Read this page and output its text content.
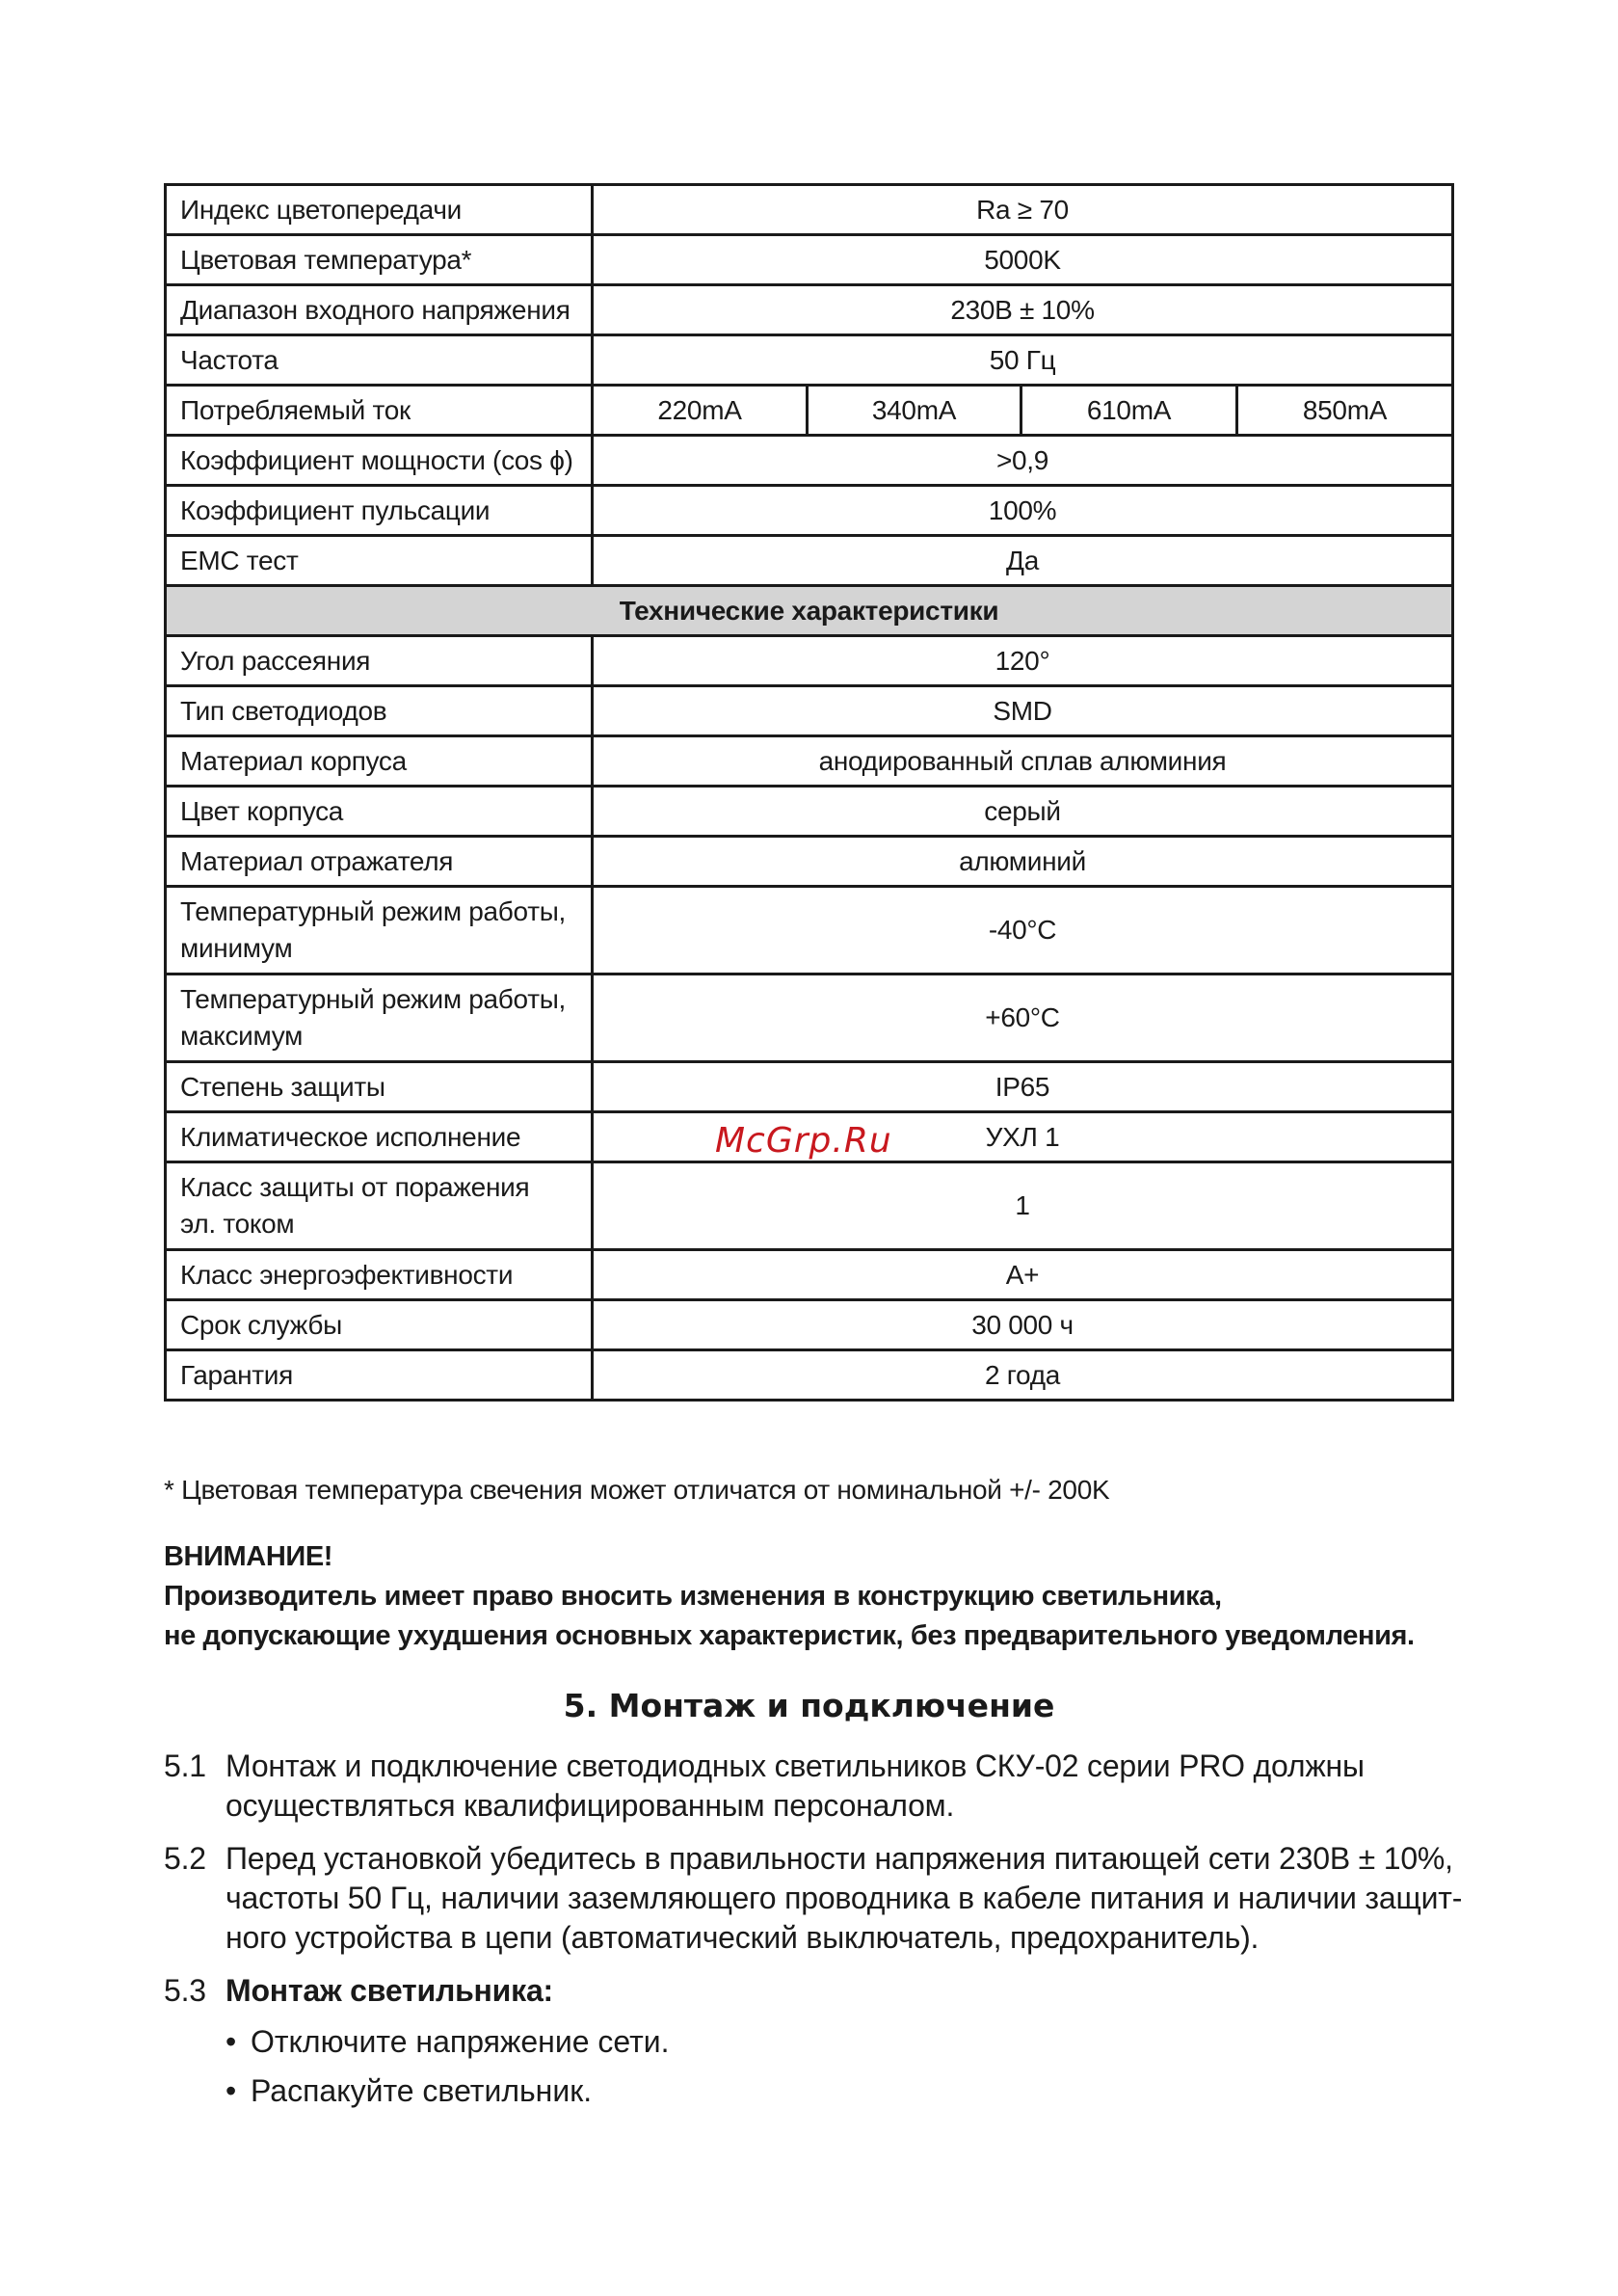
Индекс цветопередачи	Ra ≥ 70			
Цветовая температура*	5000K			
Диапазон входного напряжения	230В ± 10%			
Частота	50 Гц			
Потребляемый ток	220mA	340mA	610mA	850mA
Коэффициент мощности (cos ϕ)	>0,9			
Коэффициент пульсации	100%			
EMC тест	Да			
Технические характеристики				
Угол рассеяния	120°			
Тип светодиодов	SMD			
Материал корпуса	анодированный сплав алюминия			
Цвет корпуса	серый			
Материал отражателя	алюминий			

Температурный режим работы,
минимум	-40°C			

Температурный режим работы,
максимум	+60°C			
Степень защиты	IP65			
Климатическое исполнение	УХЛ 1			

Класс защиты от поражения
эл. током	1			
Класс энергоэфективности	A+			
Срок службы	30 000 ч			
Гарантия	2 года			
McGrp.Ru
* Цветовая температура свечения может отличатся от номинальной +/- 200K
ВНИМАНИЕ!
Производитель имеет право вносить изменения в конструкцию светильника,
не допускающие ухудшения основных характеристик, без предварительного уведомления.
5. Монтаж и подключение
5.1 Монтаж и подключение светодиодных светильников СКУ-02 серии PRO должны
осуществляться квалифицированным персоналом.
5.2 Перед установкой убедитесь в правильности напряжения питающей сети 230В ± 10%,
частоты 50 Гц, наличии заземляющего проводника в кабеле питания и наличии защит-
ного устройства в цепи (автоматический выключатель, предохранитель).
5.3 Монтаж светильника:
• Отключите напряжение сети.
• Распакуйте светильник.
